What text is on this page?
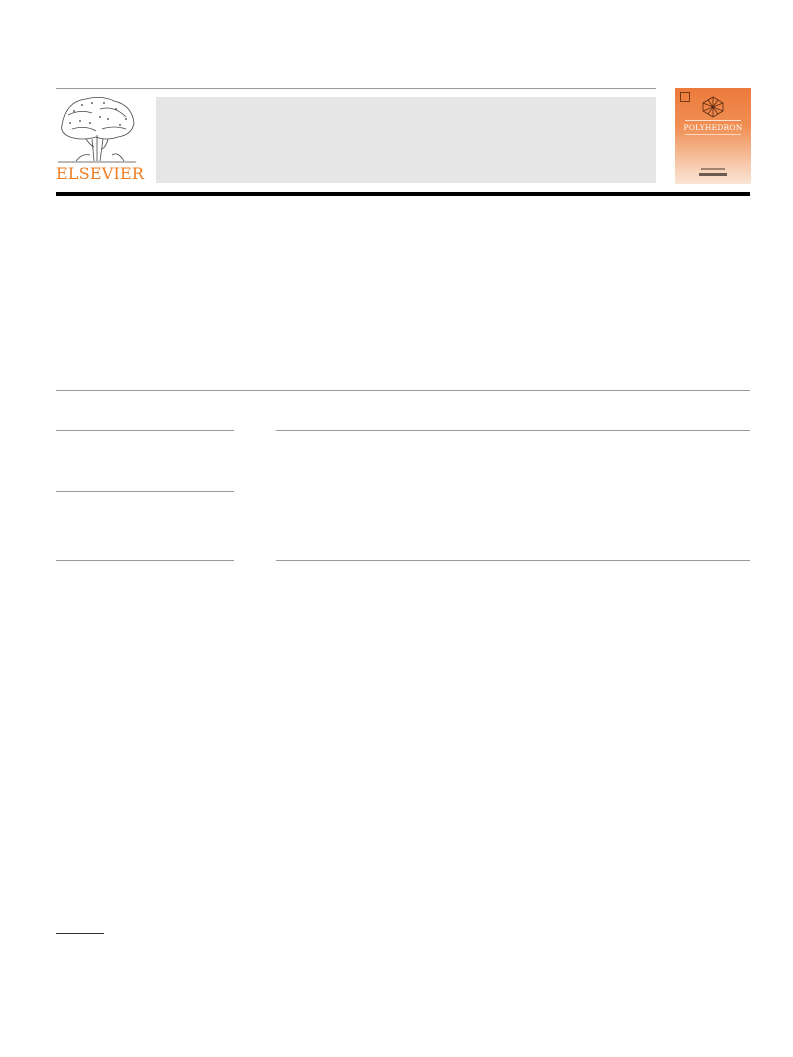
ELSEVIER
POLYHEDRON
